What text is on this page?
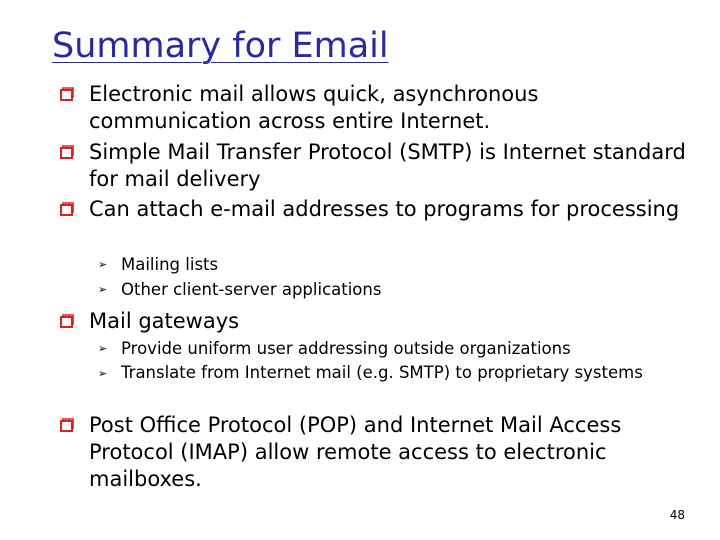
Summary for Email
Electronic mail allows quick, asynchronous communication across entire Internet.
Simple Mail Transfer Protocol (SMTP) is Internet standard for mail delivery
Can attach e-mail addresses to programs for processing
➢ Mailing lists
➢ Other client-server applications
Mail gateways
➢ Provide uniform user addressing outside organizations
➢ Translate from Internet mail (e.g. SMTP) to proprietary systems
Post Office Protocol (POP) and Internet Mail Access Protocol (IMAP) allow remote access to electronic mailboxes.
48
